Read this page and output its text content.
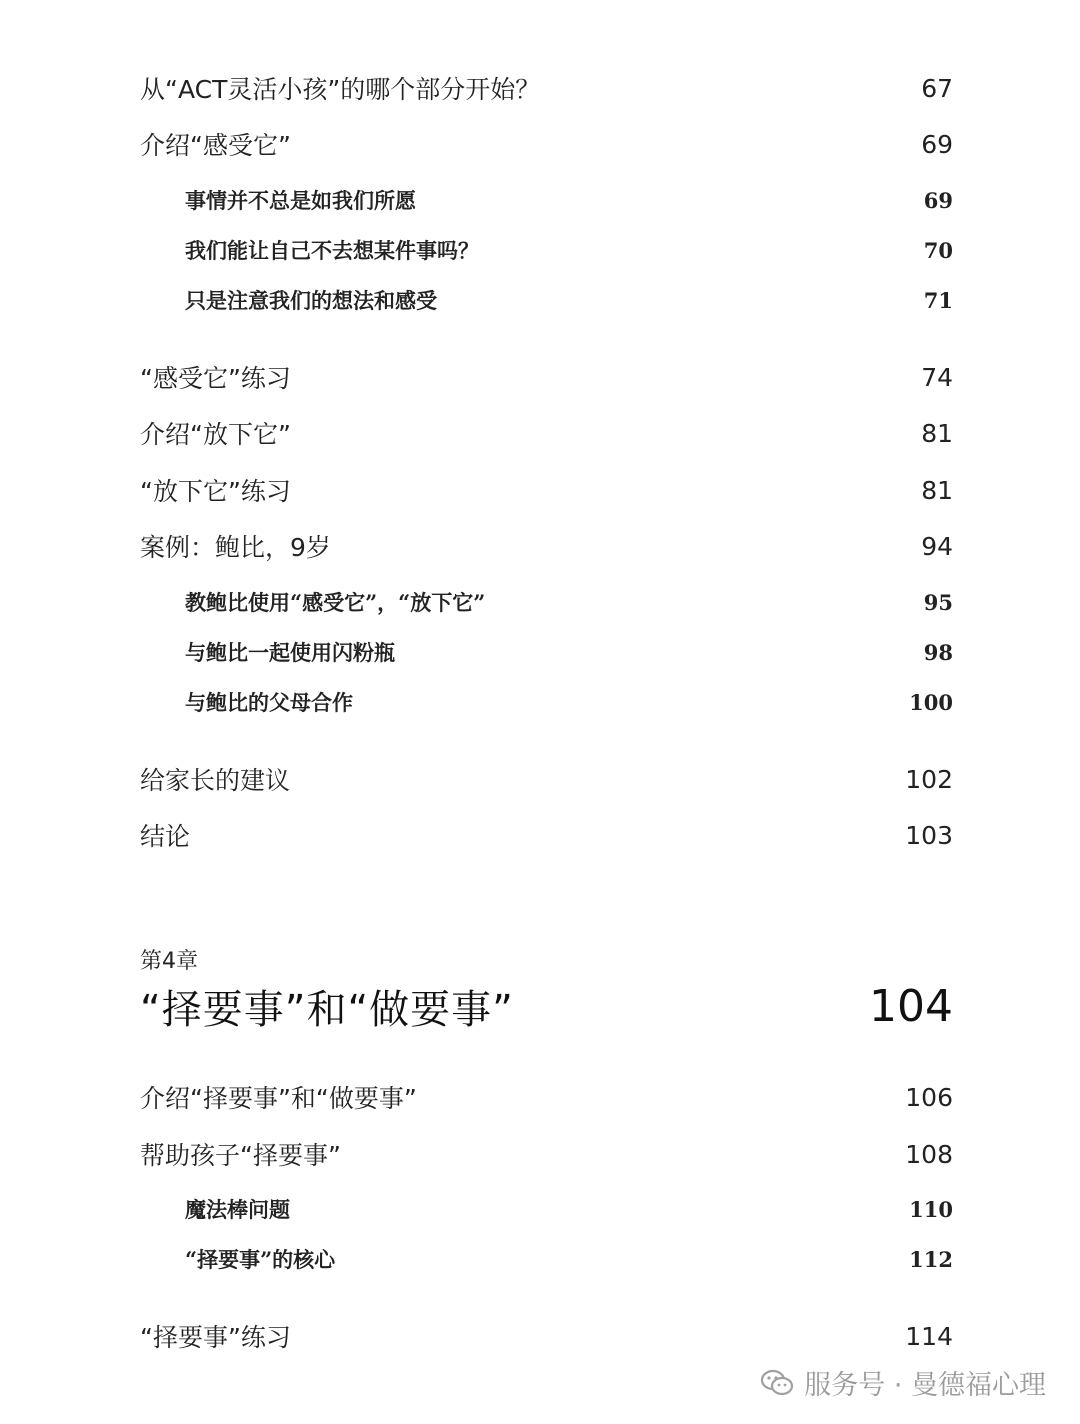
从“ACT灵活小孩”的哪个部分开始？	67
介绍“感受它”	69
事情并不总是如我们所愿	69
我们能让自己不去想某件事吗？	70
只是注意我们的想法和感受	71
“感受它”练习	74
介绍“放下它”	81
“放下它”练习	81
案例：鲍比，9岁	94
教鲍比使用“感受它”，“放下它”	95
与鲍比一起使用闪粉瓶	98
与鲍比的父母合作	100
给家长的建议	102
结论	103
第4章
“择要事”和“做要事”	104
介绍“择要事”和“做要事”	106
帮助孩子“择要事”	108
魔法棒问题	110
“择要事”的核心	112
“择要事”练习	114
服务号 · 曼德福心理
